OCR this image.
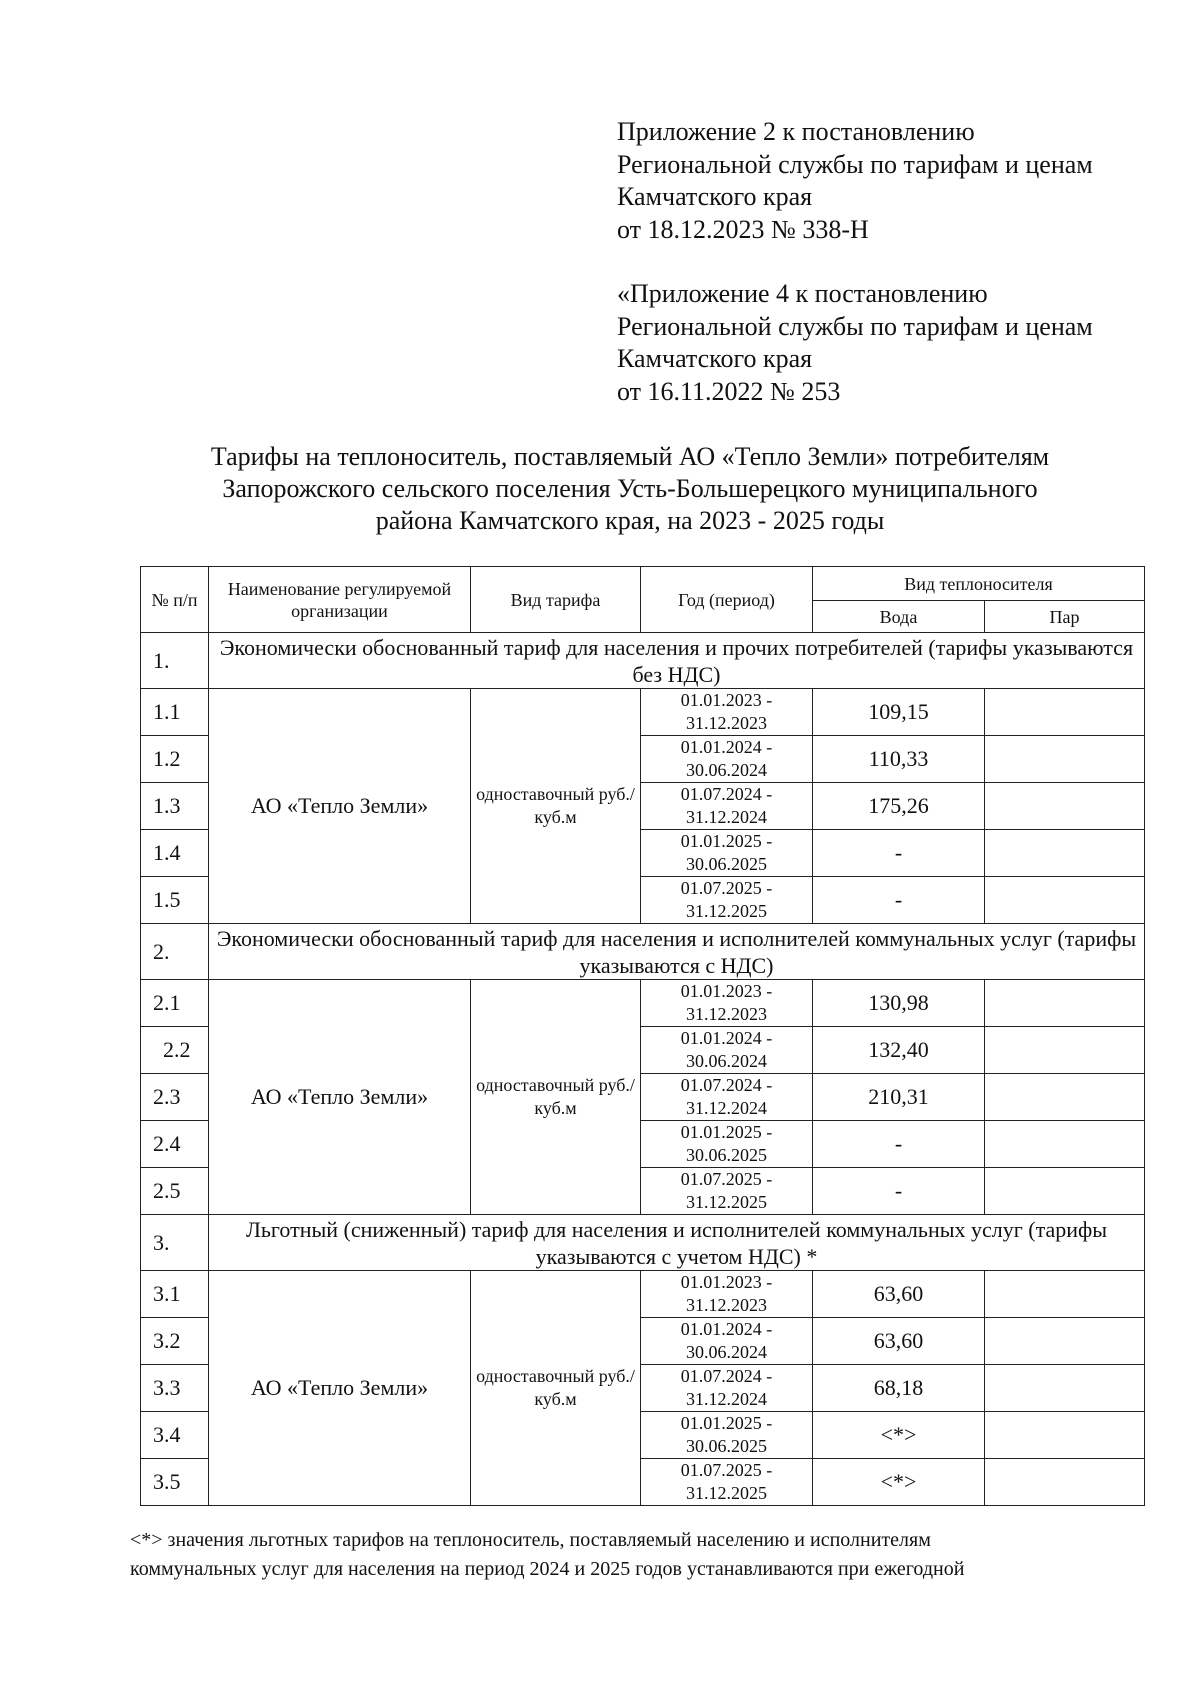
Приложение 2 к постановлению
Региональной службы по тарифам и ценам
Камчатского края
от 18.12.2023 № 338-Н
«Приложение 4 к постановлению
Региональной службы по тарифам и ценам
Камчатского края
от 16.11.2022 № 253
Тарифы на теплоноситель, поставляемый АО «Тепло Земли» потребителям
Запорожского сельского поселения Усть-Большерецкого муниципального
района Камчатского края, на 2023 - 2025 годы
№ п/п	Наименование регулируемой организации	Вид тарифа	Год (период)	Вид теплоносителя	
				Вода	Пар
1.	Экономически обоснованный тариф для населения и прочих потребителей (тарифы указываются без НДС)				
1.1	АО «Тепло Земли»	одноставочный руб./куб.м	01.01.2023 - 31.12.2023	109,15	
1.2			01.01.2024 - 30.06.2024	110,33	
1.3			01.07.2024 - 31.12.2024	175,26	
1.4			01.01.2025 - 30.06.2025	-	
1.5			01.07.2025 - 31.12.2025	-	
2.	Экономически обоснованный тариф для населения и исполнителей коммунальных услуг (тарифы указываются с НДС)				
2.1	АО «Тепло Земли»	одноставочный руб./куб.м	01.01.2023 - 31.12.2023	130,98	
2.2			01.01.2024 - 30.06.2024	132,40	
2.3			01.07.2024 - 31.12.2024	210,31	
2.4			01.01.2025 - 30.06.2025	-	
2.5			01.07.2025 - 31.12.2025	-	
3.	Льготный (сниженный) тариф для населения и исполнителей коммунальных услуг (тарифы указываются с учетом НДС) *				
3.1	АО «Тепло Земли»	одноставочный руб./куб.м	01.01.2023 - 31.12.2023	63,60	
3.2			01.01.2024 - 30.06.2024	63,60	
3.3			01.07.2024 - 31.12.2024	68,18	
3.4			01.01.2025 - 30.06.2025	<*>	
3.5			01.07.2025 - 31.12.2025	<*>	
<*> значения льготных тарифов на теплоноситель, поставляемый населению и исполнителям
коммунальных услуг для населения на период 2024 и 2025 годов устанавливаются при ежегодной
